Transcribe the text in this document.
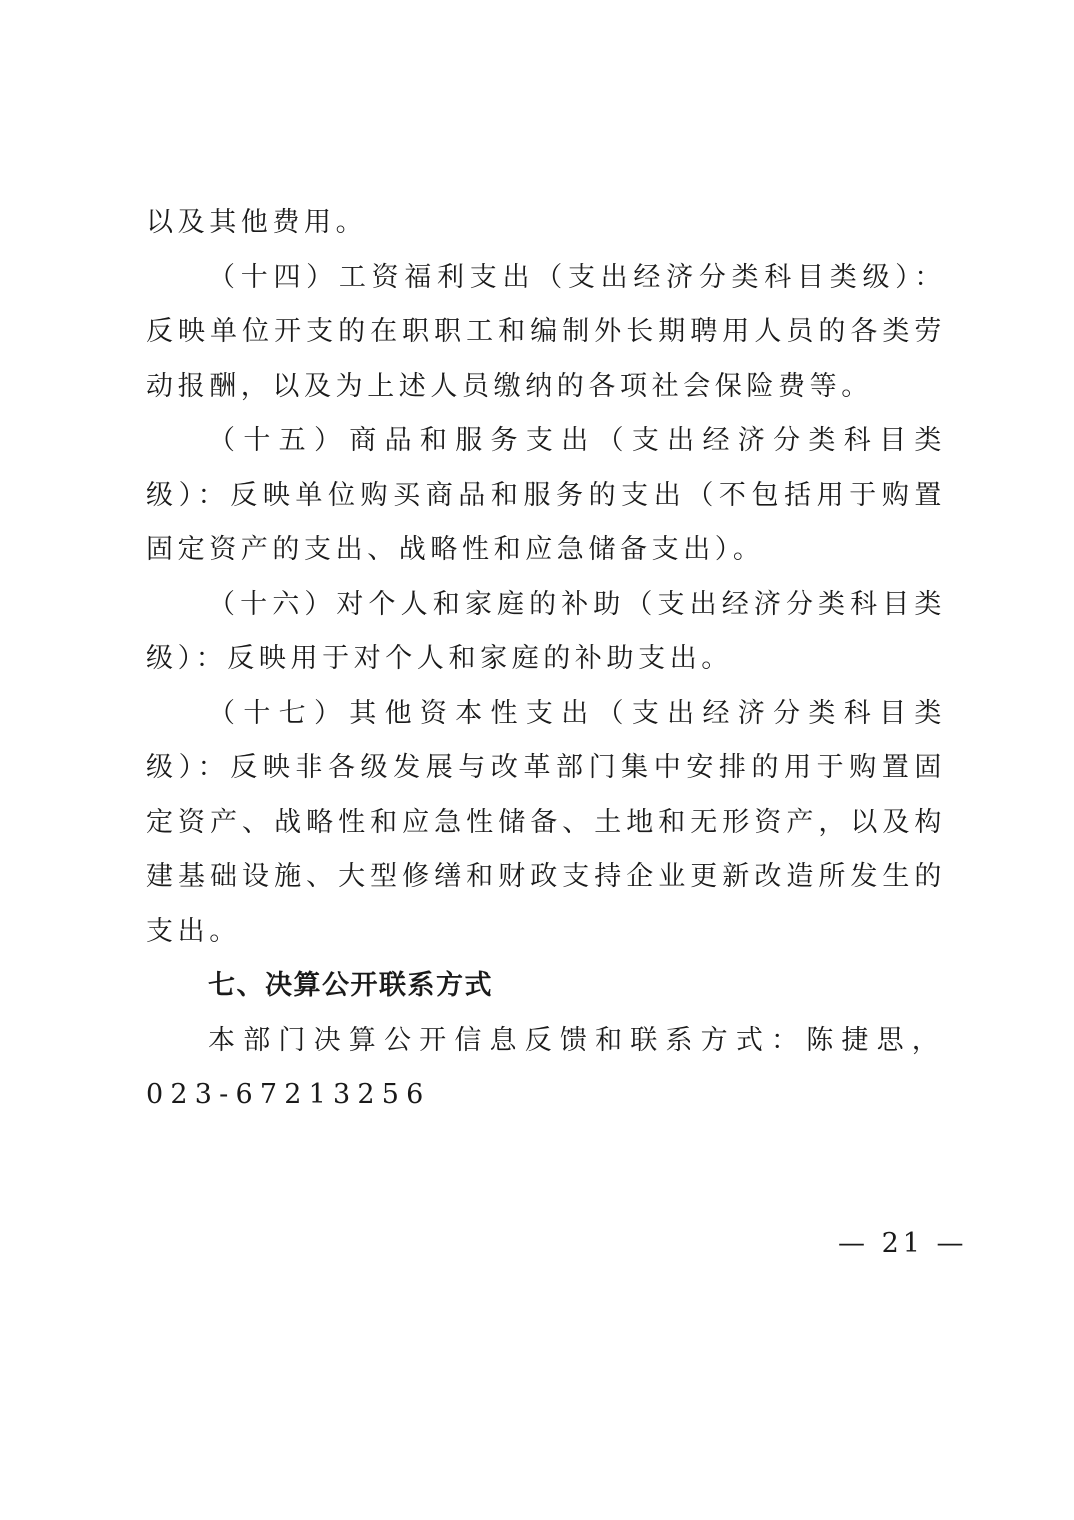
以及其他费用。

（十四）工资福利支出（支出经济分类科目类级）：反映单位开支的在职职工和编制外长期聘用人员的各类劳动报酬，以及为上述人员缴纳的各项社会保险费等。

（十五）商品和服务支出（支出经济分类科目类级）：反映单位购买商品和服务的支出（不包括用于购置固定资产的支出、战略性和应急储备支出）。

（十六）对个人和家庭的补助（支出经济分类科目类级）：反映用于对个人和家庭的补助支出。

（十七）其他资本性支出（支出经济分类科目类级）：反映非各级发展与改革部门集中安排的用于购置固定资产、战略性和应急性储备、土地和无形资产，以及构建基础设施、大型修缮和财政支持企业更新改造所发生的支出。

七、决算公开联系方式

本部门决算公开信息反馈和联系方式：陈捷思，023-67213256

— 21 —
